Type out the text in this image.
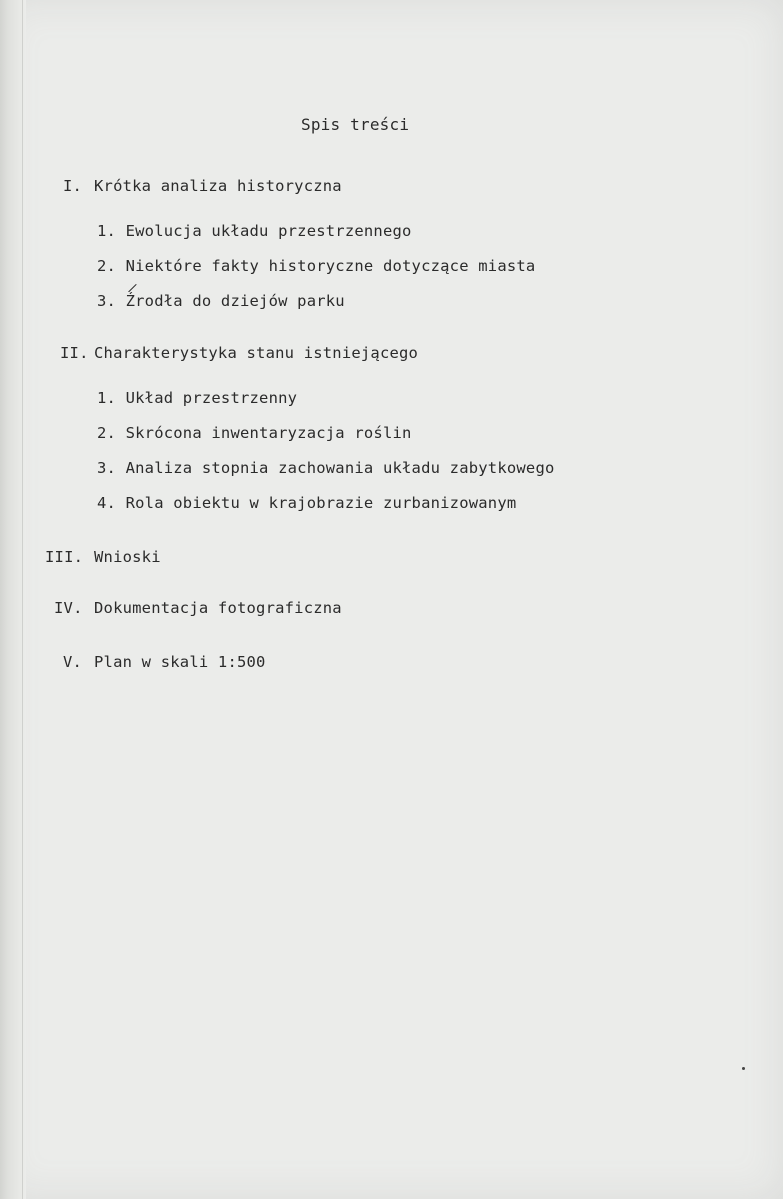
Spis treści
I. Krótka analiza historyczna
1. Ewolucja układu przestrzennego
2. Niektóre fakty historyczne dotyczące miasta
/
3. Źrodła do dziejów parku
II. Charakterystyka stanu istniejącego
1. Układ przestrzenny
2. Skrócona inwentaryzacja roślin
3. Analiza stopnia zachowania układu zabytkowego
4. Rola obiektu w krajobrazie zurbanizowanym
III. Wnioski
IV. Dokumentacja fotograficzna
V. Plan w skali 1:500
